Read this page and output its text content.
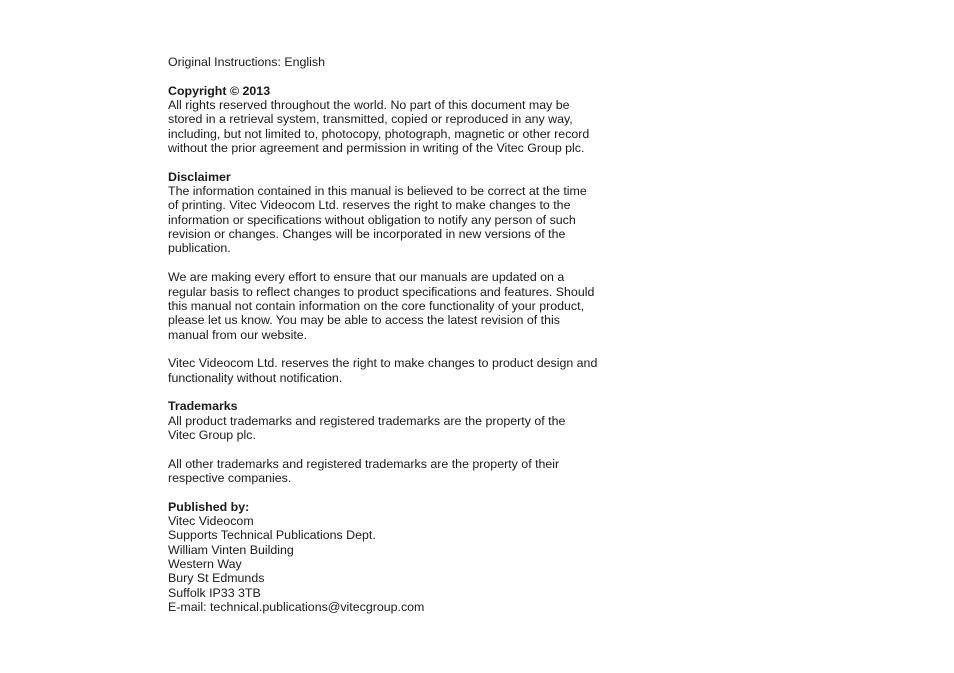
Original Instructions: English
Copyright © 2013
All rights reserved throughout the world. No part of this document may be
stored in a retrieval system, transmitted, copied or reproduced in any way,
including, but not limited to, photocopy, photograph, magnetic or other record
without the prior agreement and permission in writing of the Vitec Group plc.
Disclaimer
The information contained in this manual is believed to be correct at the time
of printing. Vitec Videocom Ltd. reserves the right to make changes to the
information or specifications without obligation to notify any person of such
revision or changes. Changes will be incorporated in new versions of the
publication.
We are making every effort to ensure that our manuals are updated on a
regular basis to reflect changes to product specifications and features. Should
this manual not contain information on the core functionality of your product,
please let us know. You may be able to access the latest revision of this
manual from our website.
Vitec Videocom Ltd. reserves the right to make changes to product design and
functionality without notification.
Trademarks
All product trademarks and registered trademarks are the property of the
Vitec Group plc.
All other trademarks and registered trademarks are the property of their
respective companies.
Published by:
Vitec Videocom
Supports Technical Publications Dept.
William Vinten Building
Western Way
Bury St Edmunds
Suffolk IP33 3TB
E-mail: technical.publications@vitecgroup.com
